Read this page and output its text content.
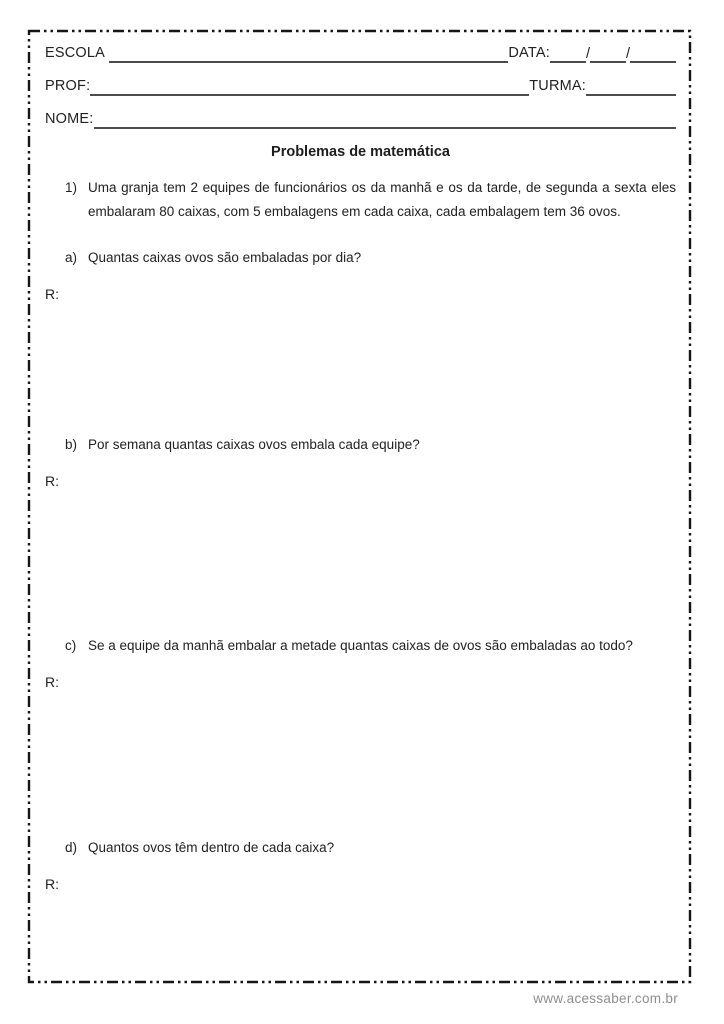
ESCOLA
	DATA: / /
PROF:	TURMA:
NOME:
Problemas de matemática
1) Uma granja tem 2 equipes de funcionários os da manhã e os da tarde, de segunda a sexta eles embalaram 80 caixas, com 5 embalagens em cada caixa, cada embalagem tem 36 ovos.
a) Quantas caixas ovos são embaladas por dia?
R:
b) Por semana quantas caixas ovos embala cada equipe?
R:
c) Se a equipe da manhã embalar a metade quantas caixas de ovos são embaladas ao todo?
R:
d) Quantos ovos têm dentro de cada caixa?
R:
www.acessaber.com.br
